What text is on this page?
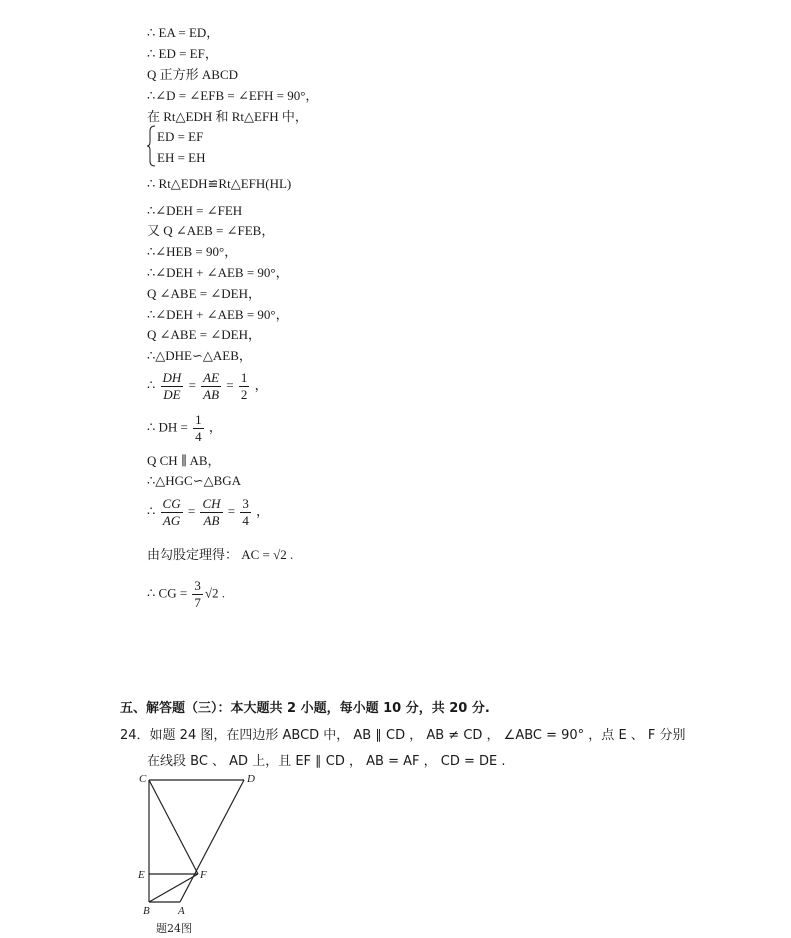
∴ EA = ED，
∴ ED = EF，
Q 正方形 ABCD
∴∠D = ∠EFB = ∠EFH = 90°，
在 Rt△EDH 和 Rt△EFH 中，
ED = EF
EH = EH
∴ Rt△EDH≌Rt△EFH(HL)
∴∠DEH = ∠FEH
又 Q ∠AEB = ∠FEB，
∴∠HEB = 90°，
∴∠DEH + ∠AEB = 90°，
Q ∠ABE = ∠DEH，
∴∠DEH + ∠AEB = 90°，
Q ∠ABE = ∠DEH，
∴△DHE∽△AEB，
∴ $\frac{DH}{DE} = \frac{AE}{AB} = \frac{1}{2}$ ，
∴ DH = $\frac{1}{4}$ ，
Q CH ∥ AB，
∴△HGC∽△BGA
∴ $\frac{CG}{AG} = \frac{CH}{AB} = \frac{3}{4}$ ，
由勾股定理得： AC = √2 .
∴ CG = $\frac{3}{7} √2$ .
五、解答题（三）：本大题共 2 小题，每小题 10 分，共 20 分.
24．如题 24 图，在四边形 ABCD 中， AB ∥ CD ， AB ≠ CD ， ∠ABC = 90° ，点 E 、 F 分别
在线段 BC 、 AD 上，且 EF ∥ CD ， AB = AF ， CD = DE .
C	D
E	F
B	A
题24图
